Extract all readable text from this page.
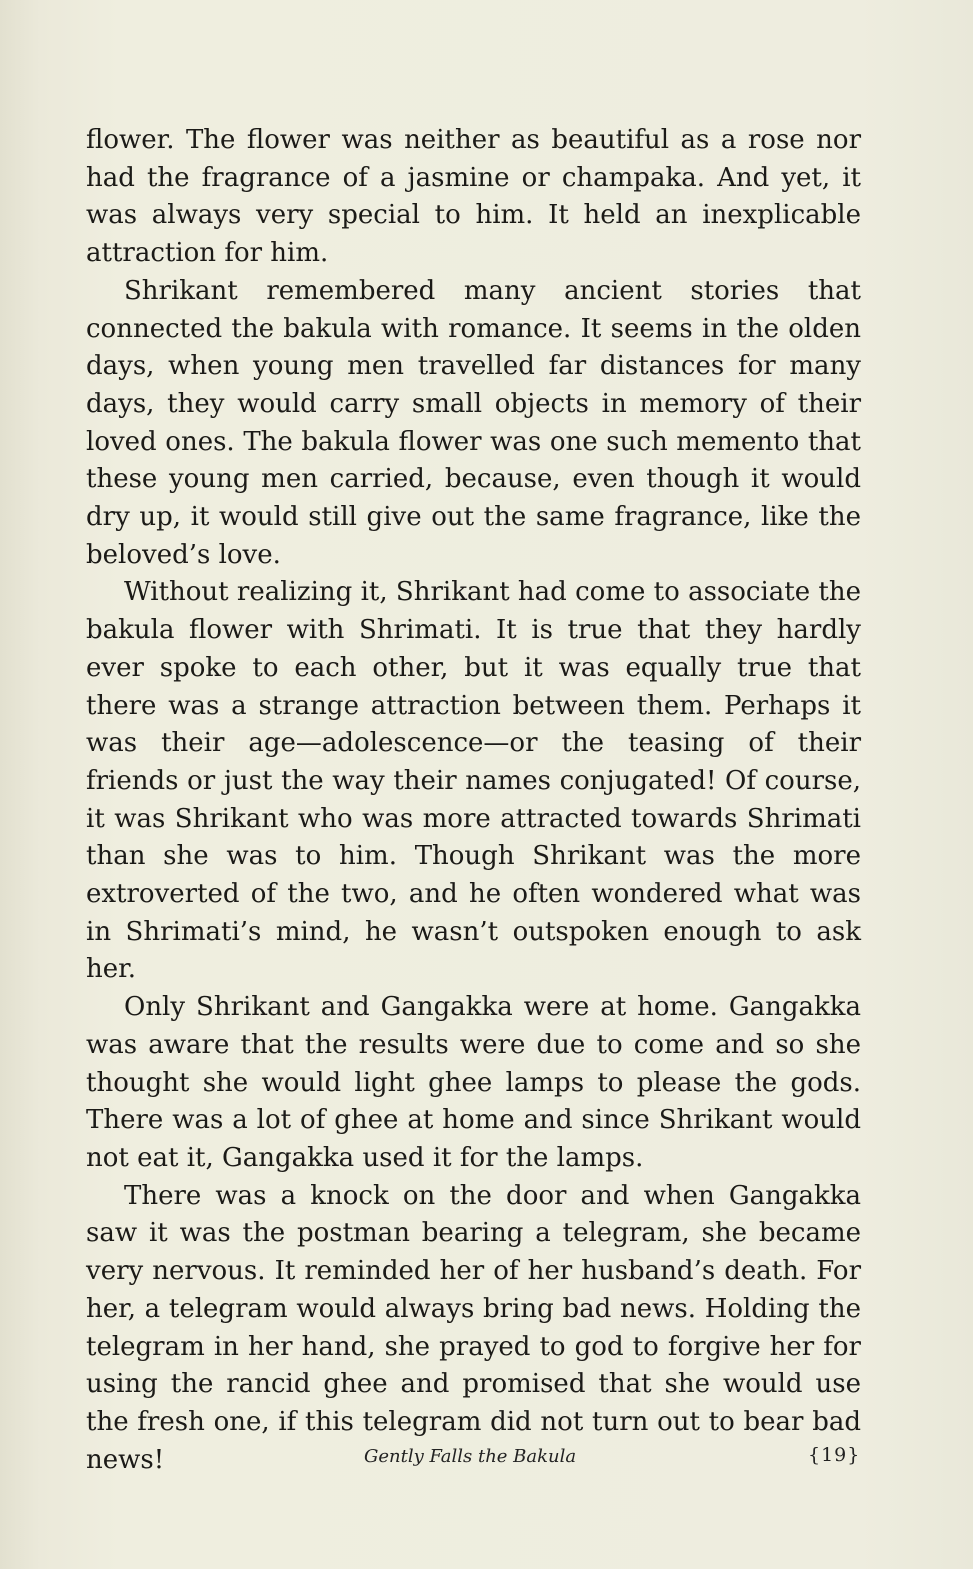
flower. The flower was neither as beautiful as a rose nor had the fragrance of a jasmine or champaka. And yet, it was always very special to him. It held an inexplicable attraction for him.

Shrikant remembered many ancient stories that connected the bakula with romance. It seems in the olden days, when young men travelled far distances for many days, they would carry small objects in memory of their loved ones. The bakula flower was one such memento that these young men carried, because, even though it would dry up, it would still give out the same fragrance, like the beloved’s love.

Without realizing it, Shrikant had come to associate the bakula flower with Shrimati. It is true that they hardly ever spoke to each other, but it was equally true that there was a strange attraction between them. Perhaps it was their age—adolescence—or the teasing of their friends or just the way their names conjugated! Of course, it was Shrikant who was more attracted towards Shrimati than she was to him. Though Shrikant was the more extroverted of the two, and he often wondered what was in Shrimati’s mind, he wasn’t outspoken enough to ask her.

Only Shrikant and Gangakka were at home. Gangakka was aware that the results were due to come and so she thought she would light ghee lamps to please the gods. There was a lot of ghee at home and since Shrikant would not eat it, Gangakka used it for the lamps.

There was a knock on the door and when Gangakka saw it was the postman bearing a telegram, she became very nervous. It reminded her of her husband’s death. For her, a telegram would always bring bad news. Holding the telegram in her hand, she prayed to god to forgive her for using the rancid ghee and promised that she would use the fresh one, if this telegram did not turn out to bear bad news!	Gently Falls the Bakula	{19}
